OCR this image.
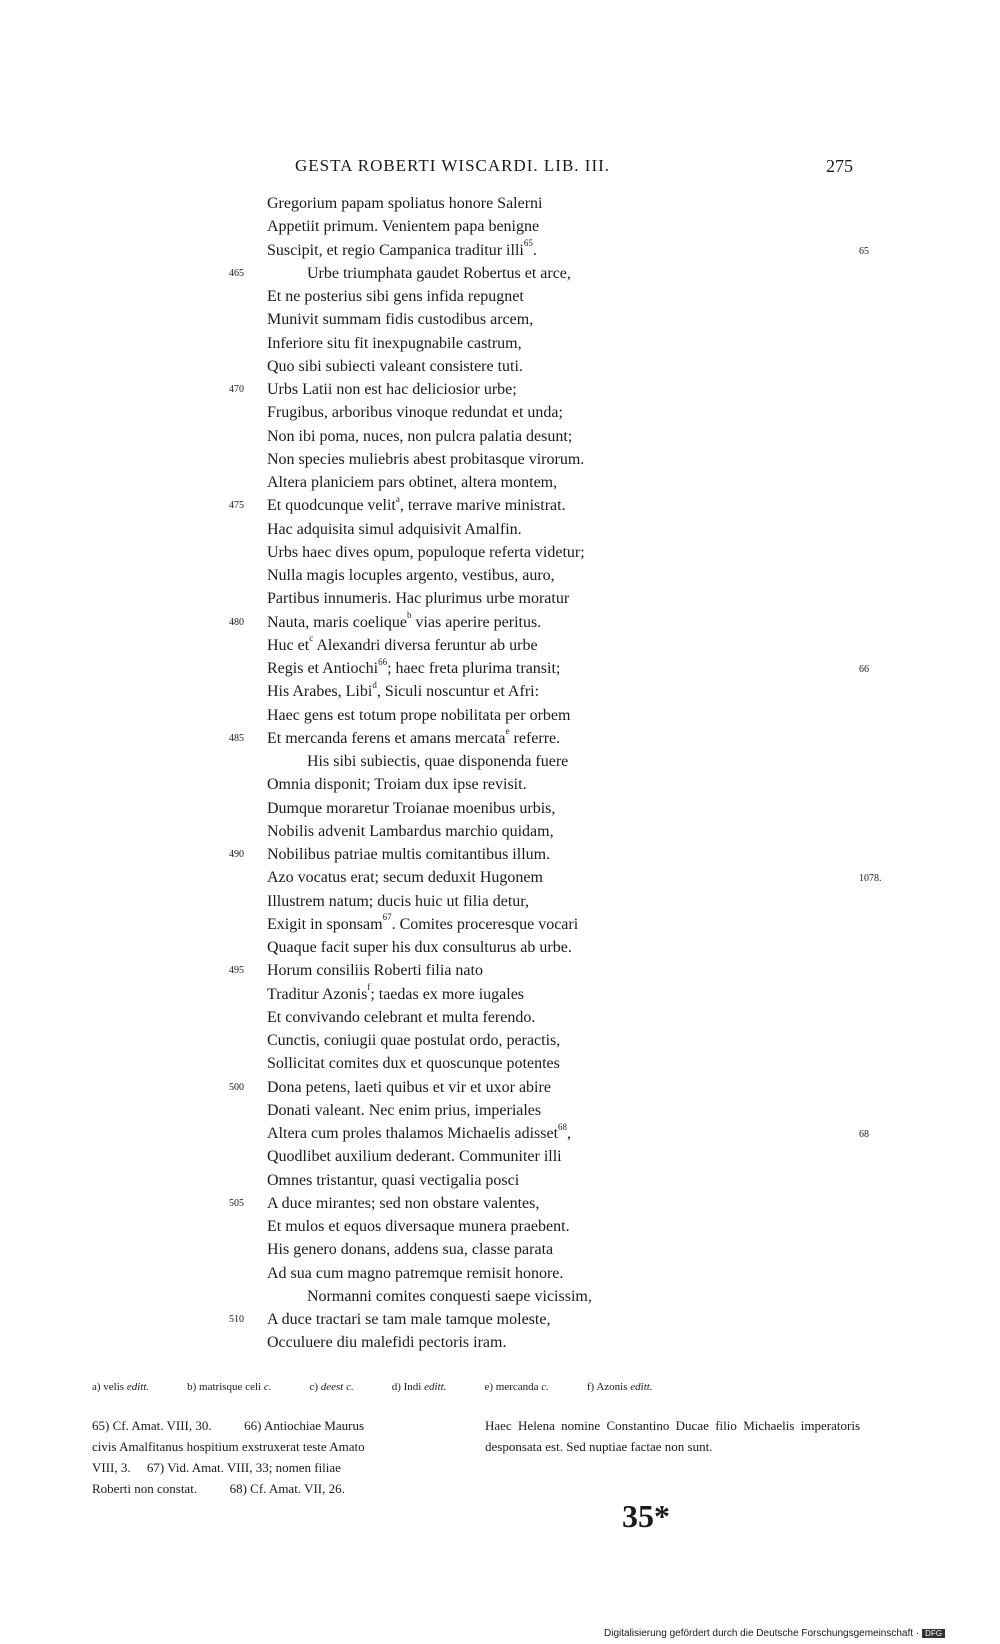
GESTA ROBERTI WISCARDI. LIB. III.	275
Gregorium papam spoliatus honore Salerni
Appetiit primum. Venientem papa benigne
Suscipit, et regio Campanica traditur illi$^{65}$.	65
465	Urbe triumphata gaudet Robertus et arce,
Et ne posterius sibi gens infida repugnet
Munivit summam fidis custodibus arcem,
Inferiore situ fit inexpugnabile castrum,
Quo sibi subiecti valeant consistere tuti.
470 Urbs Latii non est hac deliciosior urbe;
Frugibus, arboribus vinoque redundat et unda;
Non ibi poma, nuces, non pulcra palatia desunt;
Non species muliebris abest probitasque virorum.
Altera planiciem pars obtinet, altera montem,
475 Et quodcunque velit$^a$, terrave marive ministrat.
Hac adquisita simul adquisivit Amalfin.
Urbs haec dives opum, populoque referta videtur;
Nulla magis locuples argento, vestibus, auro,
Partibus innumeris. Hac plurimus urbe moratur
480 Nauta, maris coelique$^b$ vias aperire peritus.
Huc $et^c$ Alexandri diversa feruntur ab urbe
Regis et Antiochi$^{66}$; haec freta plurima transit;	66
His Arabes, Libi$^d$, Siculi noscuntur et Afri:
Haec gens est totum prope nobilitata per orbem
485 Et mercanda ferens et amans mercata$^e$ referre.
His sibi subiectis, quae disponenda fuere
Omnia disponit; Troiam dux ipse revisit.
Dumque moraretur Troianae moenibus urbis,
Nobilis advenit Lambardus marchio quidam,
490 Nobilibus patriae multis comitantibus illum.
Azo vocatus erat; secum deduxit Hugonem	1078.
Illustrem natum; ducis huic ut filia detur,
Exigit in sponsam$^{67}$. Comites proceresque vocari
Quaque facit super his dux consulturus ab urbe.
495 Horum consiliis Roberti filia nato
Traditur Azonis$^f$; taedas ex more iugales
Et convivando celebrant et multa ferendo.
Cunctis, coniugii quae postulat ordo, peractis,
Sollicitat comites dux et quoscunque potentes
500 Dona petens, laeti quibus et vir et uxor abire
Donati valeant. Nec enim prius, imperiales
Altera cum proles thalamos Michaelis adisset$^{68}$,	68
Quodlibet auxilium dederant. Communiter illi
Omnes tristantur, quasi vectigalia posci
505 A duce mirantes; sed non obstare valentes,
Et mulos et equos diversaque munera praebent.
His genero donans, addens sua, classe parata
Ad sua cum magno patremque remisit honore.
Normanni comites conquesti saepe vicissim,
510 A duce tractari se tam male tamque moleste,
Occuluere diu malefidi pectoris iram.
a) velis editt.	b) matrisque celi c.	c) deest c.	d) Indi editt.	e) mercanda c.	f) Azonis editt.
65) Cf. Amat. VIII, 30.          66) Antiochiae Maurus
civis Amalfitanus hospitium exstruxerat teste Amato
VIII, 3.     67) Vid. Amat. VIII, 33; nomen filiae
Roberti non constat.          68) Cf. Amat. VII, 26.
Haec Helena nomine Constantino Ducae filio Michaelis imperatoris desponsata est. Sed nuptiae factae non sunt.
35*
Digitalisierung gefördert durch die Deutsche Forschungsgemeinschaft · DFG
